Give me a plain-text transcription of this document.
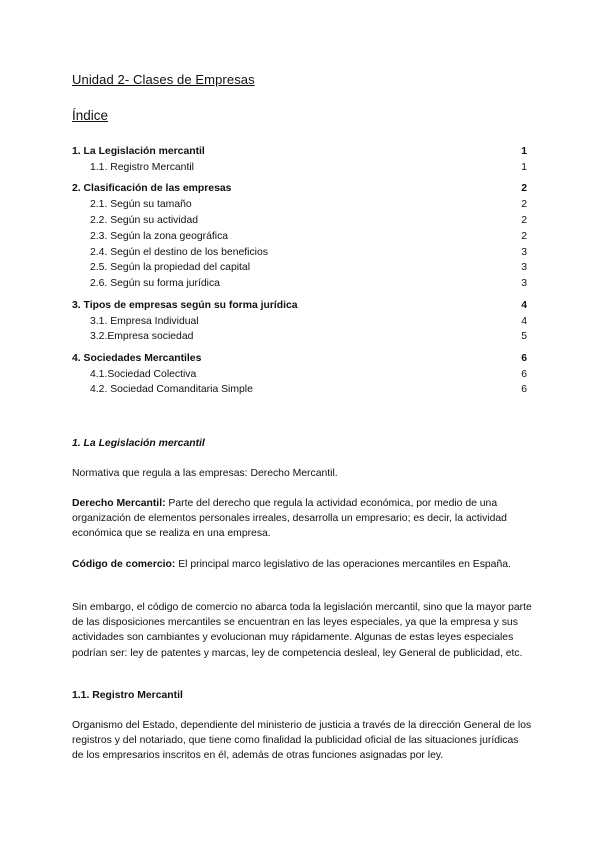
Unidad 2- Clases de Empresas
Índice
1. La Legislación mercantil	1
1.1. Registro Mercantil	1
2. Clasificación de las empresas	2
2.1. Según su tamaño	2
2.2. Según su actividad	2
2.3. Según la zona geográfica	2
2.4. Según el destino de los beneficios	3
2.5. Según la propiedad del capital	3
2.6. Según su forma jurídica	3
3. Tipos de empresas según su forma jurídica	4
3.1. Empresa Individual	4
3.2.Empresa sociedad	5
4. Sociedades Mercantiles	6
4.1.Sociedad Colectiva	6
4.2. Sociedad Comanditaria Simple	6
1. La Legislación mercantil
Normativa que regula a las empresas: Derecho Mercantil.
Derecho Mercantil: Parte del derecho que regula la actividad económica, por medio de una organización de elementos personales irreales, desarrolla un empresario; es decir, la actividad económica que se realiza en una empresa.
Código de comercio: El principal marco legislativo de las operaciones mercantiles en España.
Sin embargo, el código de comercio no abarca toda la legislación mercantil, sino que la mayor parte de las disposiciones mercantiles se encuentran en las leyes especiales, ya que la empresa y sus actividades son cambiantes y evolucionan muy rápidamente. Algunas de estas leyes especiales podrían ser: ley de patentes y marcas, ley de competencia desleal, ley General de publicidad, etc.
1.1. Registro Mercantil
Organismo del Estado, dependiente del ministerio de justicia a través de la dirección General de los registros y del notariado, que tiene como finalidad la publicidad oficial de las situaciones jurídicas de los empresarios inscritos en él, además de otras funciones asignadas por ley.
